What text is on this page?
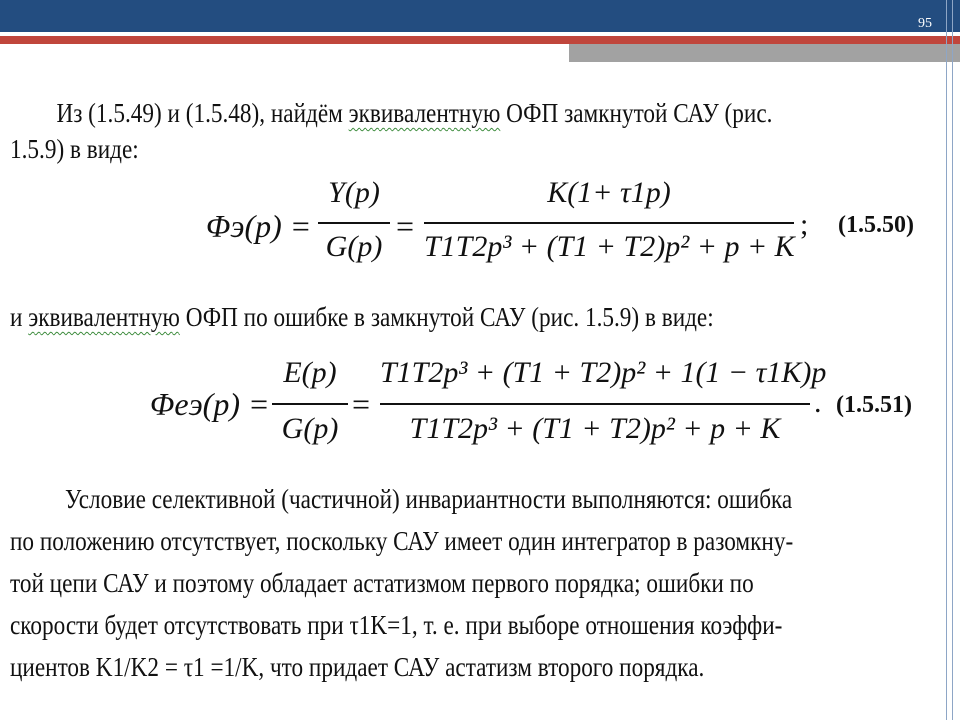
95

Из (1.5.49) и (1.5.48), найдём эквивалентную ОФП замкнутой САУ (рис.

1.5.9) в виде:

Φэ(p) =
Y(p)
G(p)
=
K(1+ τ1p)
T1T2p³ + (T1 + T2)p² + p + K
; (1.5.50)

и эквивалентную ОФП по ошибке в замкнутой САУ (рис. 1.5.9) в виде:

Φеэ(p) =
E(p)
G(p)
=
T1T2p³ + (T1 + T2)p² + 1(1 − τ1K)p
T1T2p³ + (T1 + T2)p² + p + K
. (1.5.51)

Условие селективной (частичной) инвариантности выполняются: ошибка

по положению отсутствует, поскольку САУ имеет один интегратор в разомкну-

той цепи САУ и поэтому обладает астатизмом первого порядка; ошибки по

скорости будет отсутствовать при τ1K=1, т. е. при выборе отношения коэффи-

циентов K1/K2 = τ1 =1/K, что придает САУ астатизм второго порядка.
